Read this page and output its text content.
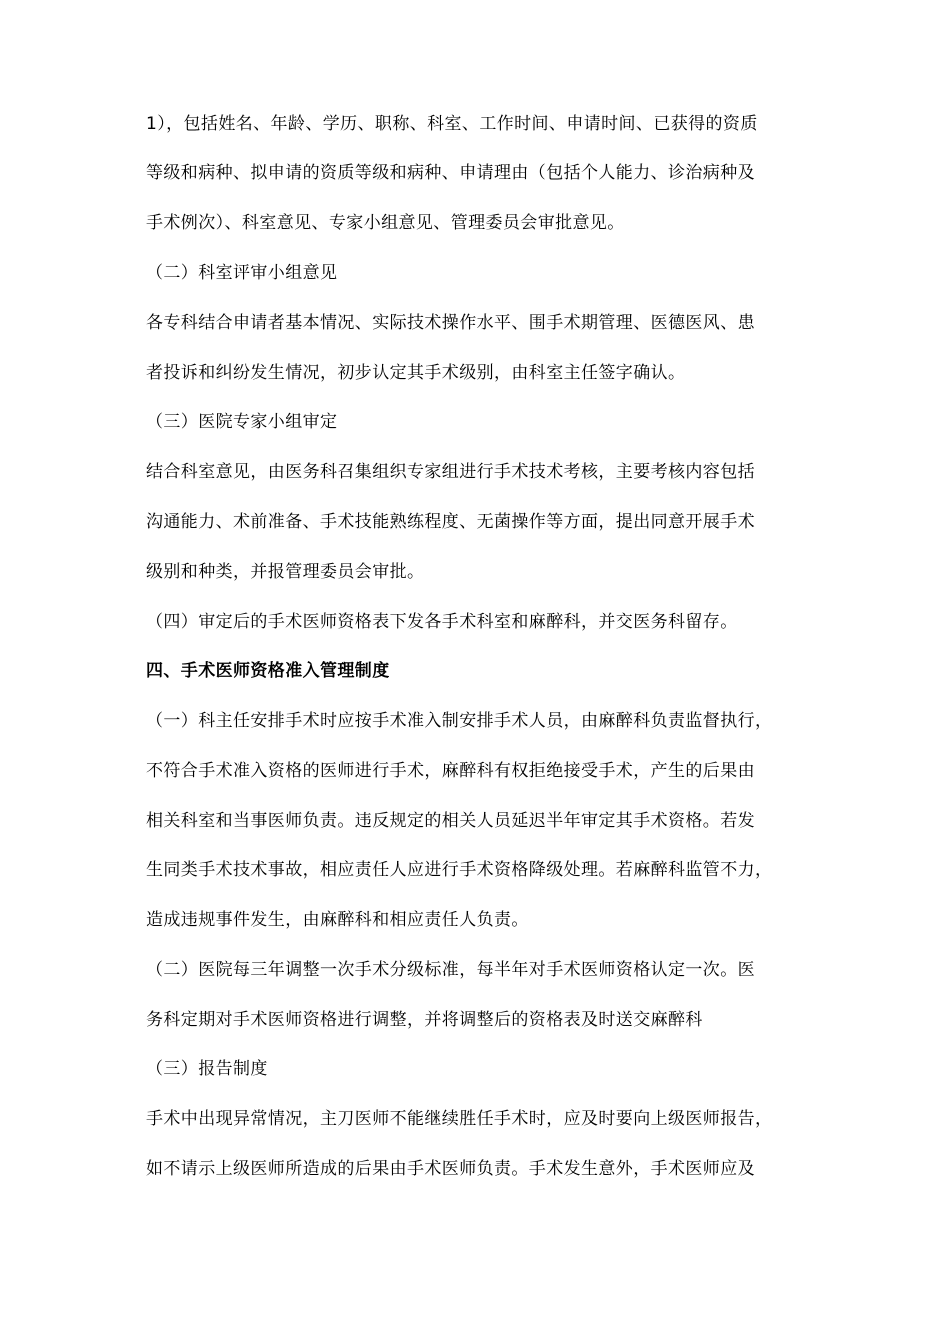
1），包括姓名、年龄、学历、职称、科室、工作时间、申请时间、已获得的资质
等级和病种、拟申请的资质等级和病种、申请理由（包括个人能力、诊治病种及
手术例次）、科室意见、专家小组意见、管理委员会审批意见。
（二）科室评审小组意见
各专科结合申请者基本情况、实际技术操作水平、围手术期管理、医德医风、患
者投诉和纠纷发生情况，初步认定其手术级别，由科室主任签字确认。
（三）医院专家小组审定
结合科室意见，由医务科召集组织专家组进行手术技术考核，主要考核内容包括
沟通能力、术前准备、手术技能熟练程度、无菌操作等方面，提出同意开展手术
级别和种类，并报管理委员会审批。
（四）审定后的手术医师资格表下发各手术科室和麻醉科，并交医务科留存。
四、手术医师资格准入管理制度
（一）科主任安排手术时应按手术准入制安排手术人员，由麻醉科负责监督执行，
不符合手术准入资格的医师进行手术，麻醉科有权拒绝接受手术，产生的后果由
相关科室和当事医师负责。违反规定的相关人员延迟半年审定其手术资格。若发
生同类手术技术事故，相应责任人应进行手术资格降级处理。若麻醉科监管不力，
造成违规事件发生，由麻醉科和相应责任人负责。
（二）医院每三年调整一次手术分级标准，每半年对手术医师资格认定一次。医
务科定期对手术医师资格进行调整，并将调整后的资格表及时送交麻醉科
（三）报告制度
手术中出现异常情况，主刀医师不能继续胜任手术时，应及时要向上级医师报告，
如不请示上级医师所造成的后果由手术医师负责。手术发生意外，手术医师应及
